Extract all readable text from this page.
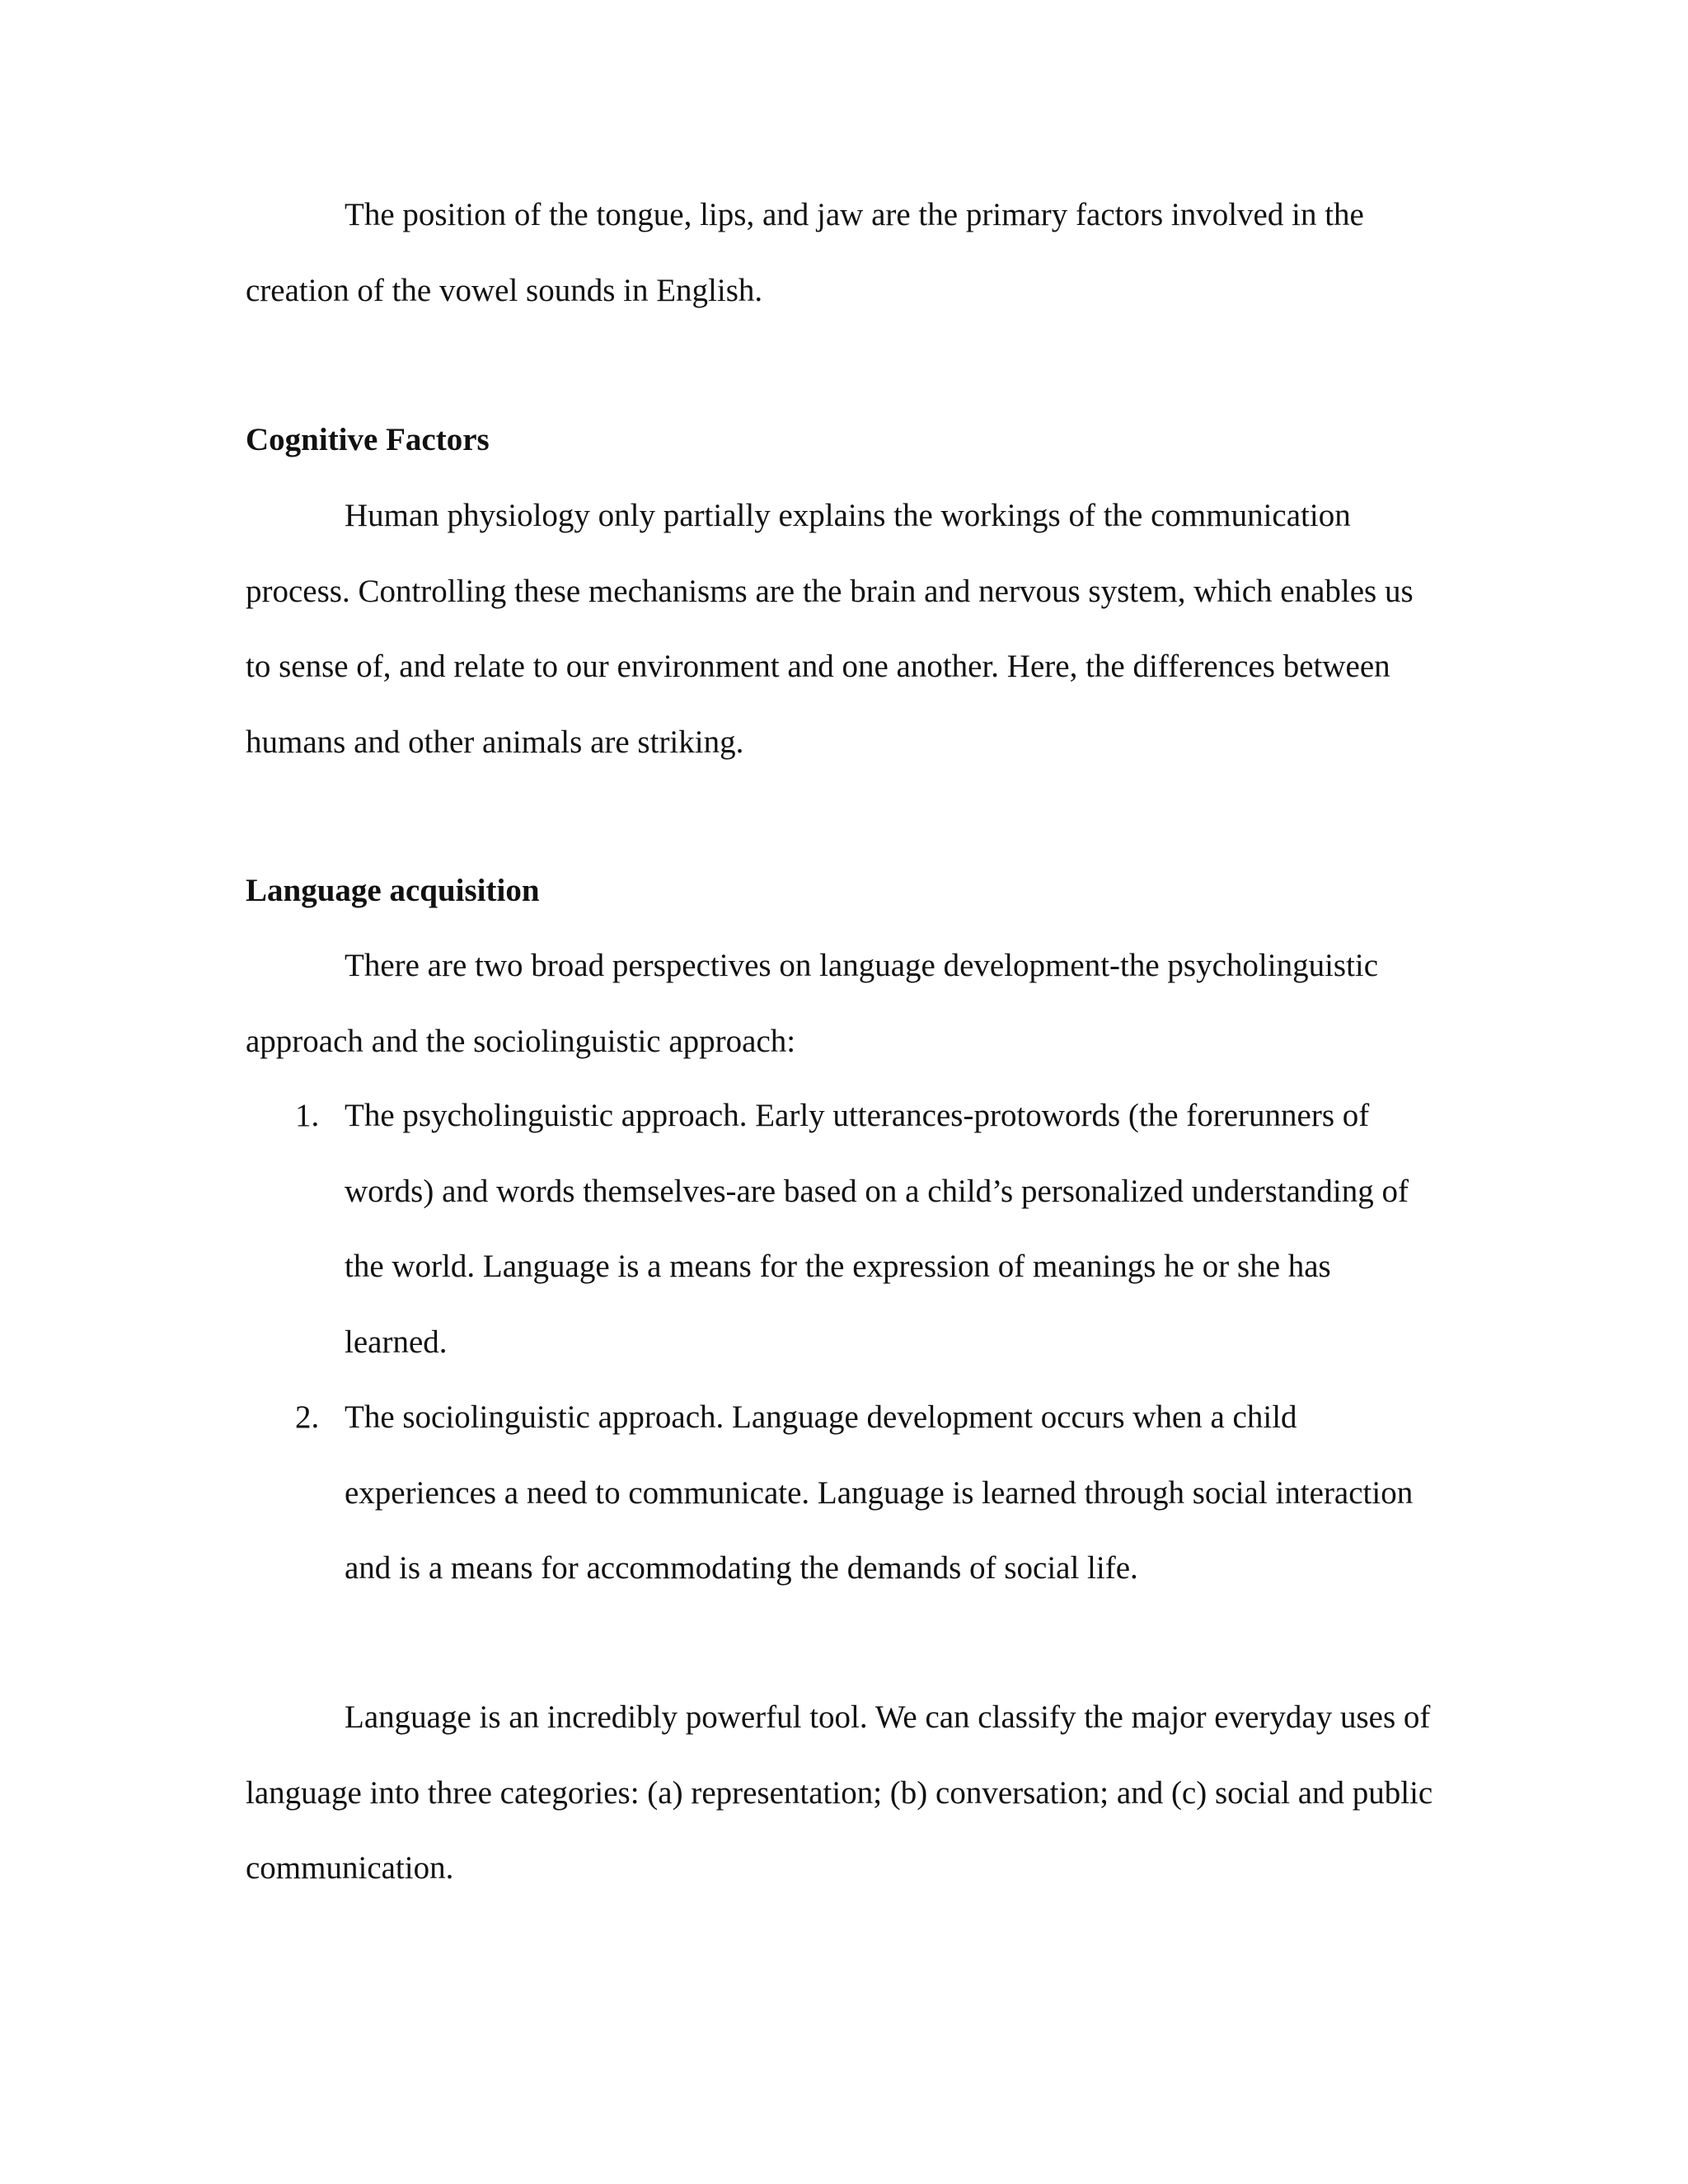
The position of the tongue, lips, and jaw are the primary factors involved in the creation of the vowel sounds in English.

Cognitive Factors

Human physiology only partially explains the workings of the communication process. Controlling these mechanisms are the brain and nervous system, which enables us to sense of, and relate to our environment and one another. Here, the differences between humans and other animals are striking.

Language acquisition

There are two broad perspectives on language development-the psycholinguistic approach and the sociolinguistic approach:

1. The psycholinguistic approach. Early utterances-protowords (the forerunners of words) and words themselves-are based on a child’s personalized understanding of the world. Language is a means for the expression of meanings he or she has learned.
2. The sociolinguistic approach. Language development occurs when a child experiences a need to communicate. Language is learned through social interaction and is a means for accommodating the demands of social life.

Language is an incredibly powerful tool. We can classify the major everyday uses of language into three categories: (a) representation; (b) conversation; and (c) social and public communication.
